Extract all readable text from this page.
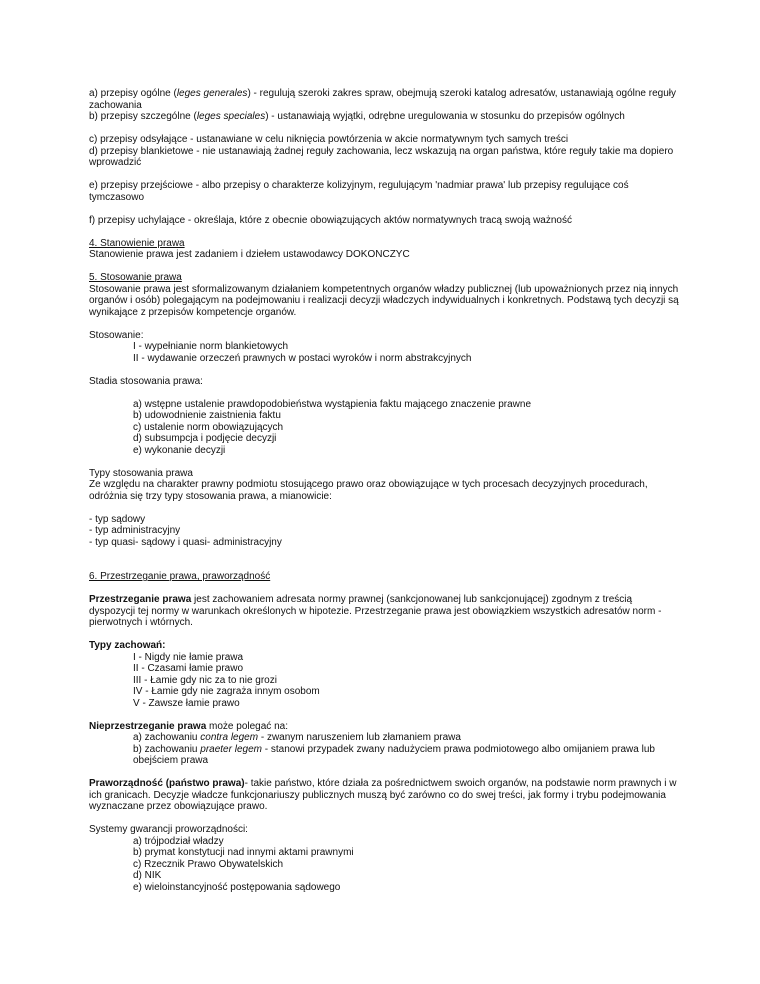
a) przepisy ogólne (leges generales) - regulują szeroki zakres spraw, obejmują szeroki katalog adresatów, ustanawiają ogólne reguły zachowania

b) przepisy szczególne (leges speciales) - ustanawiają wyjątki, odrębne uregulowania w stosunku do przepisów ogólnych

c) przepisy odsyłające - ustanawiane w celu niknięcia powtórzenia w akcie normatywnym tych samych treści

d) przepisy blankietowe - nie ustanawiają żadnej reguły zachowania, lecz wskazują na organ państwa, które reguły takie ma dopiero wprowadzić

e) przepisy przejściowe - albo przepisy o charakterze kolizyjnym, regulującym 'nadmiar prawa' lub przepisy regulujące coś tymczasowo

f) przepisy uchylające - określaja, które z obecnie obowiązujących aktów normatywnych tracą swoją ważność

4. Stanowienie prawa

Stanowienie prawa jest zadaniem i dziełem ustawodawcy DOKONCZYC

5. Stosowanie prawa

Stosowanie prawa jest sformalizowanym działaniem kompetentnych organów władzy publicznej (lub upoważnionych przez nią innych organów i osób) polegającym na podejmowaniu i realizacji decyzji władczych indywidualnych i konkretnych. Podstawą tych decyzji są wynikające z przepisów kompetencje organów.

Stosowanie:

I - wypełnianie norm blankietowych

II - wydawanie orzeczeń prawnych w postaci wyroków i norm abstrakcyjnych

Stadia stosowania prawa:

a) wstępne ustalenie prawdopodobieństwa wystąpienia faktu mającego znaczenie prawne

b) udowodnienie zaistnienia faktu

c) ustalenie norm obowiązujących

d) subsumpcja i podjęcie decyzji

e) wykonanie decyzji

Typy stosowania prawa

Ze względu na charakter prawny podmiotu stosującego prawo oraz obowiązujące w tych procesach decyzyjnych procedurach, odróżnia się trzy typy stosowania prawa, a mianowicie:

- typ sądowy

- typ administracyjny

- typ quasi- sądowy i quasi- administracyjny

6. Przestrzeganie prawa, praworządność

Przestrzeganie prawa jest zachowaniem adresata normy prawnej (sankcjonowanej lub sankcjonującej) zgodnym z treścią dyspozycji tej normy w warunkach określonych w hipotezie. Przestrzeganie prawa jest obowiązkiem wszystkich adresatów norm - pierwotnych i wtórnych.

Typy zachowań:

I - Nigdy nie łamie prawa

II - Czasami łamie prawo

III - Łamie gdy nic za to nie grozi

IV - Łamie gdy nie zagraża innym osobom

V - Zawsze łamie prawo

Nieprzestrzeganie prawa może polegać na:

a) zachowaniu contra legem - zwanym naruszeniem lub złamaniem prawa

b) zachowaniu praeter legem - stanowi przypadek zwany nadużyciem prawa podmiotowego albo omijaniem prawa lub obejściem prawa

Praworządność (państwo prawa)- takie państwo, które działa za pośrednictwem swoich organów, na podstawie norm prawnych i w ich granicach. Decyzje władcze funkcjonariuszy publicznych muszą być zarówno co do swej treści, jak formy i trybu podejmowania wyznaczane przez obowiązujące prawo.

Systemy gwarancji proworządności:

a) trójpodział władzy

b) prymat konstytucji nad innymi aktami prawnymi

c) Rzecznik Prawo Obywatelskich

d) NIK

e) wieloinstancyjność postępowania sądowego
